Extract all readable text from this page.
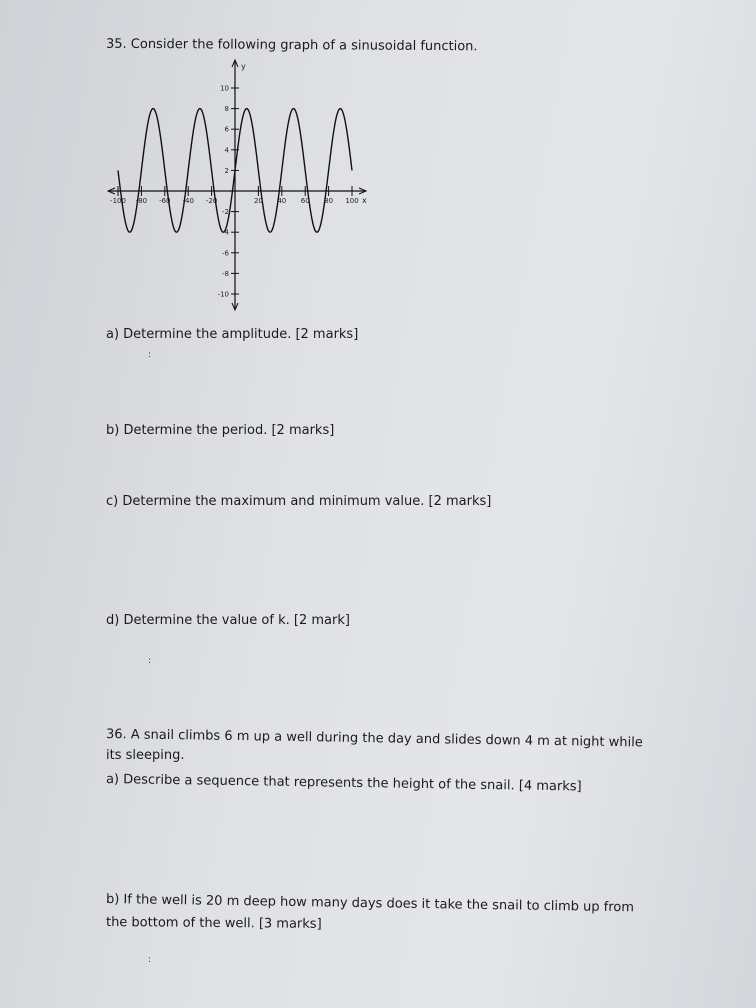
35. Consider the following graph of a sinusoidal function.
-100 -80 -60 -40 -20	20 40 60 80 100
10
8
6
4
2
-2
-4
-6
-8
-10
x
y
a) Determine the amplitude. [2 marks]
:
b) Determine the period. [2 marks]
c) Determine the maximum and minimum value. [2 marks]
d) Determine the value of k. [2 mark]
:
36. A snail climbs 6 m up a well during the day and slides down 4 m at night while
its sleeping.
a) Describe a sequence that represents the height of the snail. [4 marks]
b) If the well is 20 m deep how many days does it take the snail to climb up from
the bottom of the well. [3 marks]
:
